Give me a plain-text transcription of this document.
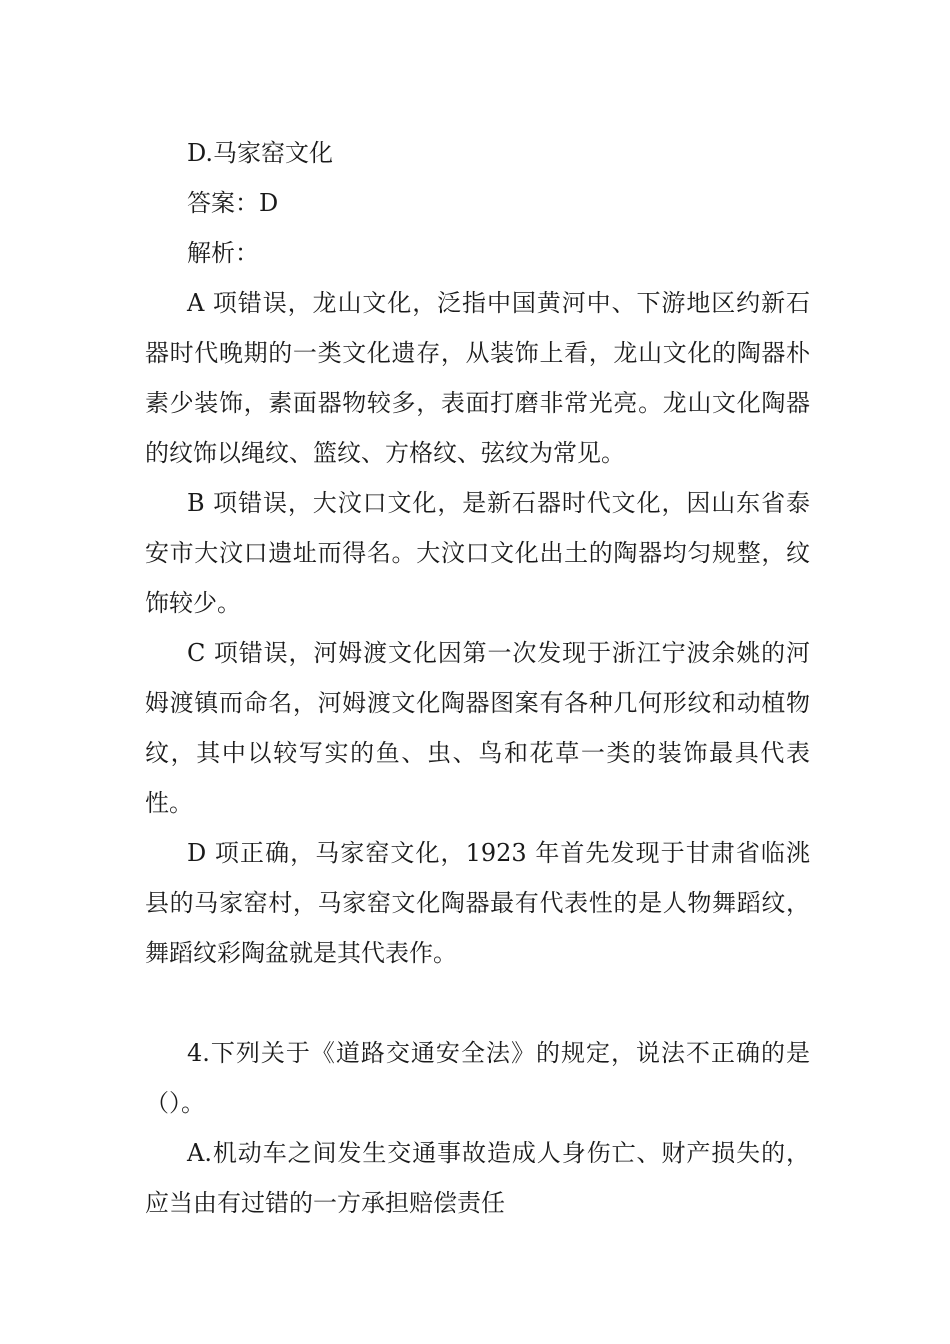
D.马家窑文化

答案：D

解析：

A 项错误，龙山文化，泛指中国黄河中、下游地区约新石器时代晚期的一类文化遗存，从装饰上看，龙山文化的陶器朴素少装饰，素面器物较多，表面打磨非常光亮。龙山文化陶器的纹饰以绳纹、篮纹、方格纹、弦纹为常见。

B 项错误，大汶口文化，是新石器时代文化，因山东省泰安市大汶口遗址而得名。大汶口文化出土的陶器均匀规整，纹饰较少。

C 项错误，河姆渡文化因第一次发现于浙江宁波余姚的河姆渡镇而命名，河姆渡文化陶器图案有各种几何形纹和动植物纹，其中以较写实的鱼、虫、鸟和花草一类的装饰最具代表性。

D 项正确，马家窑文化，1923 年首先发现于甘肃省临洮县的马家窑村，马家窑文化陶器最有代表性的是人物舞蹈纹，舞蹈纹彩陶盆就是其代表作。

4.下列关于《道路交通安全法》的规定，说法不正确的是（）。

A.机动车之间发生交通事故造成人身伤亡、财产损失的，应当由有过错的一方承担赔偿责任
